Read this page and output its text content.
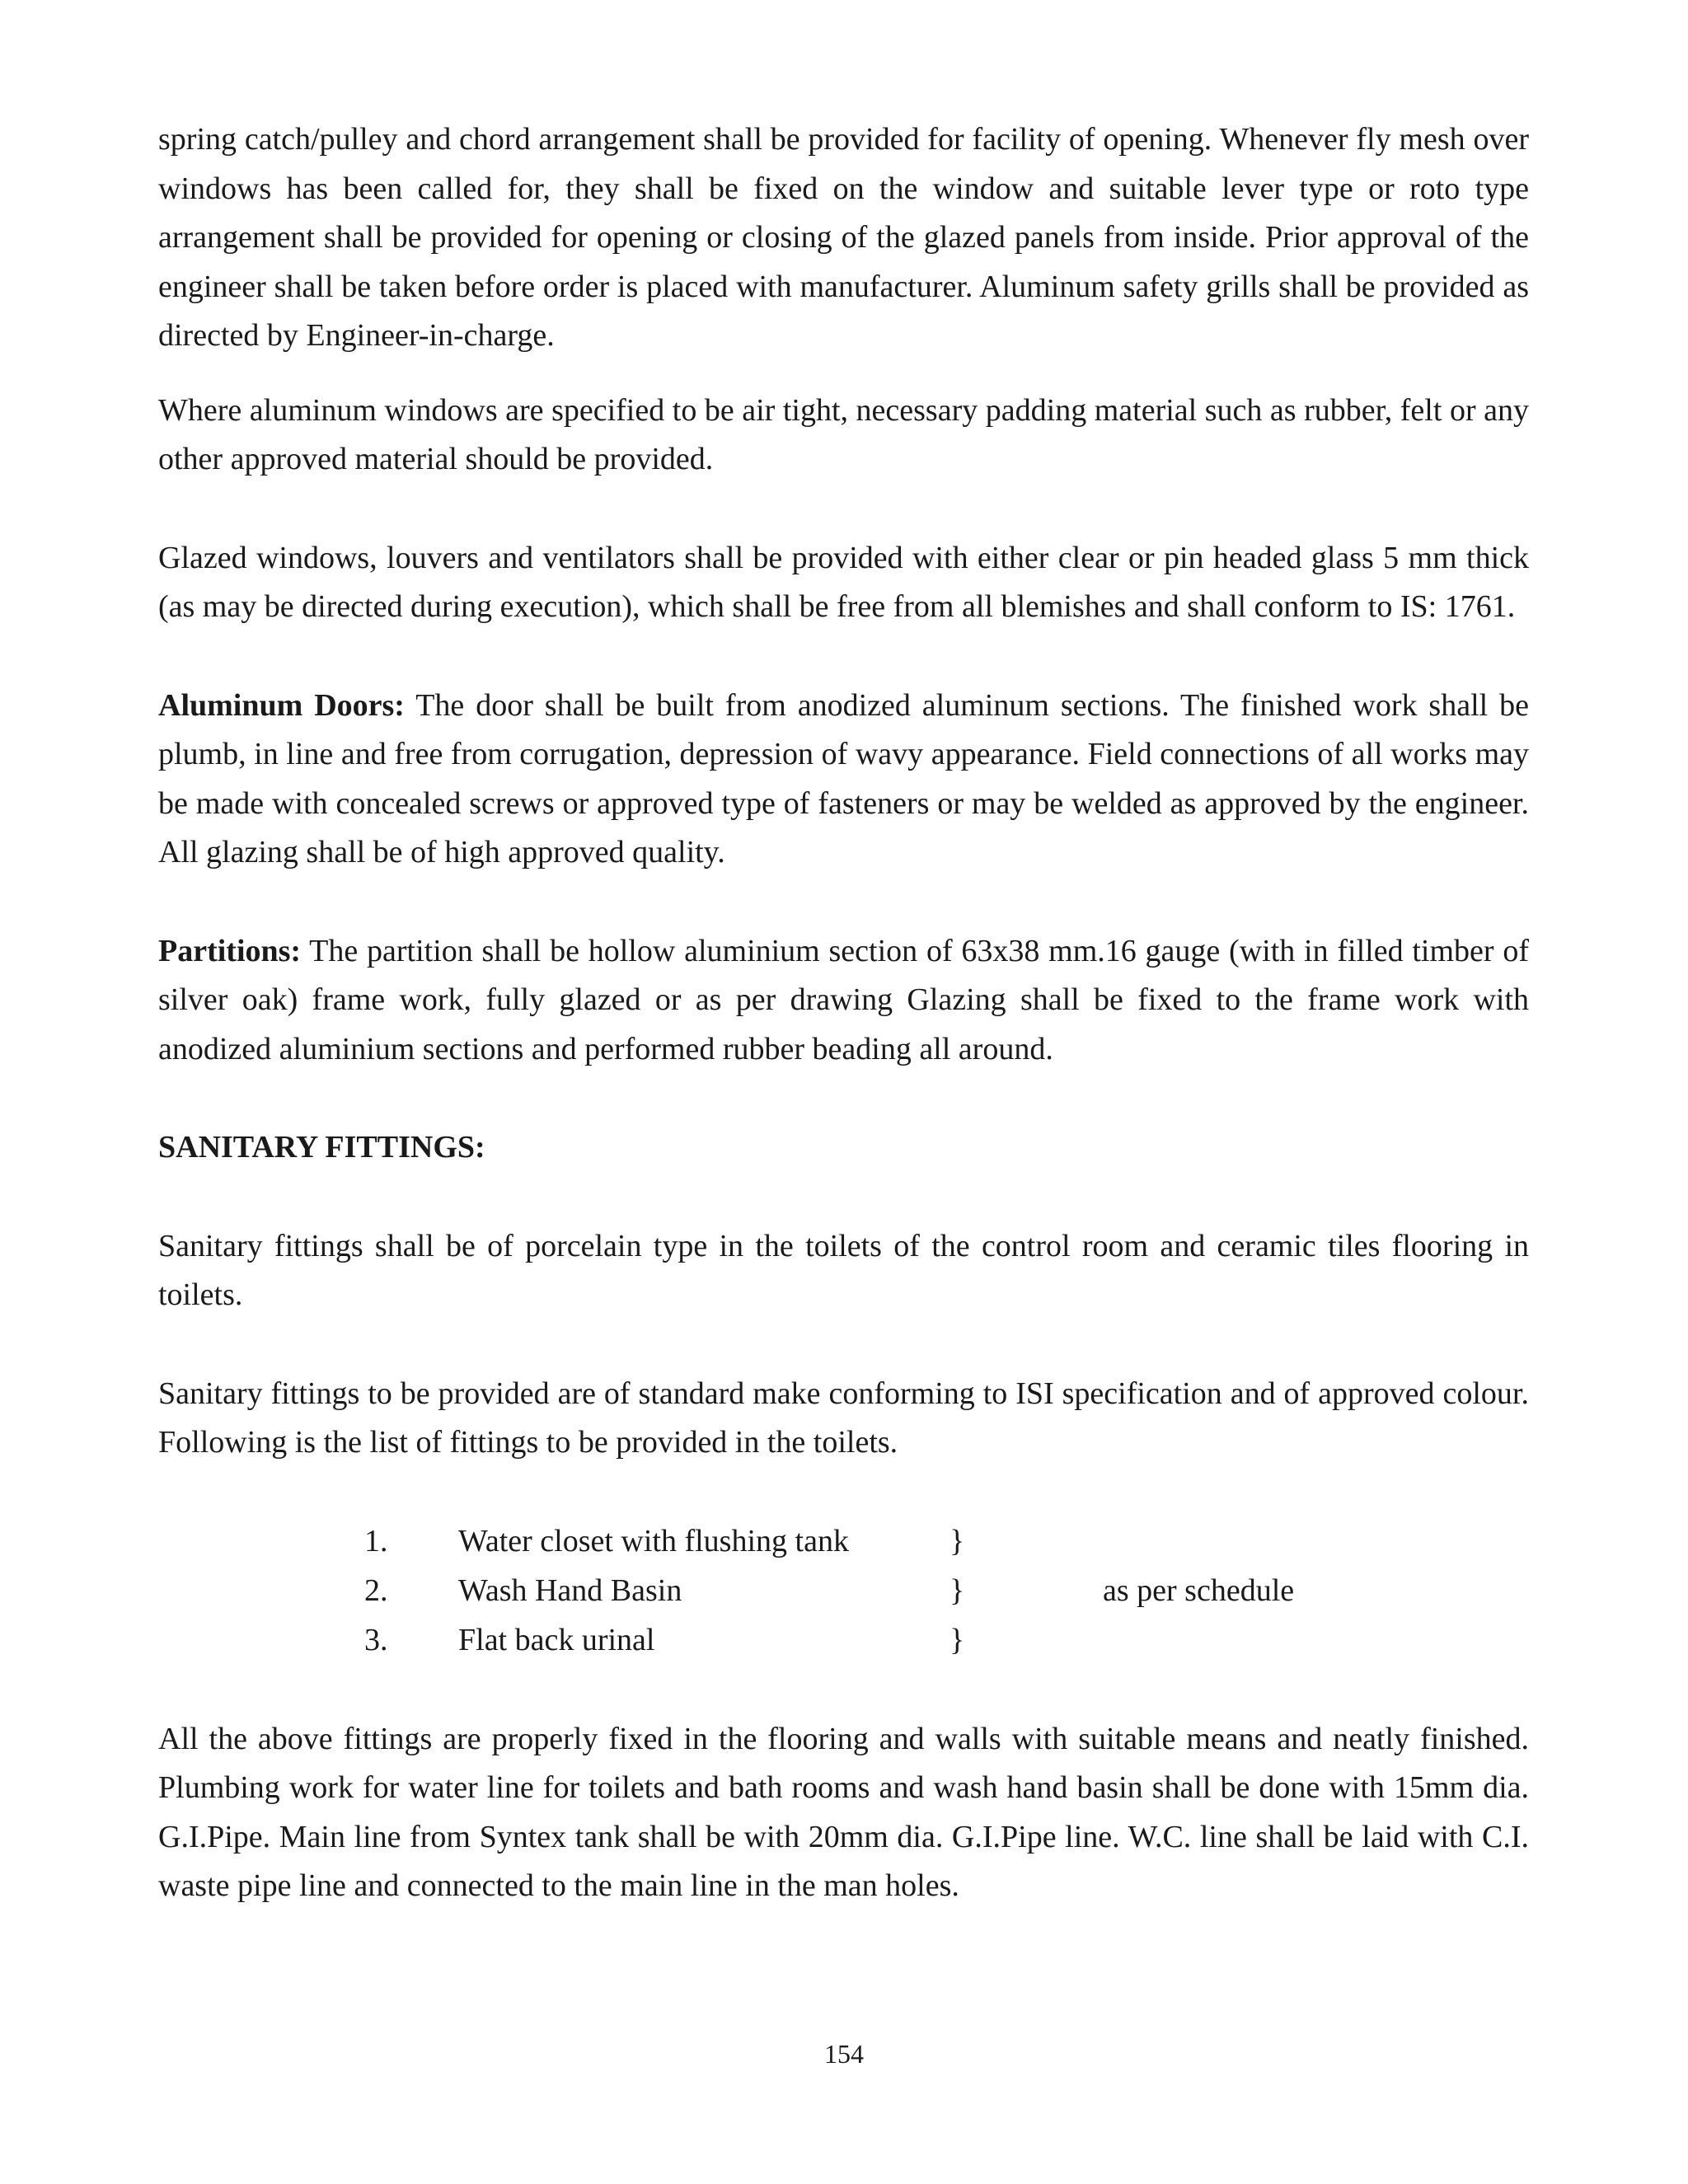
spring catch/pulley and chord arrangement shall be provided for facility of opening. Whenever fly mesh over windows has been called for, they shall be fixed on the window and suitable lever type or roto type arrangement shall be provided for opening or closing of the glazed panels from inside. Prior approval of the engineer shall be taken before order is placed with manufacturer. Aluminum safety grills shall be provided as directed by Engineer-in-charge.

Where aluminum windows are specified to be air tight, necessary padding material such as rubber, felt or any other approved material should be provided.

Glazed windows, louvers and ventilators shall be provided with either clear or pin headed glass 5 mm thick (as may be directed during execution), which shall be free from all blemishes and shall conform to IS: 1761.

Aluminum Doors: The door shall be built from anodized aluminum sections. The finished work shall be plumb, in line and free from corrugation, depression of wavy appearance. Field connections of all works may be made with concealed screws or approved type of fasteners or may be welded as approved by the engineer. All glazing shall be of high approved quality.

Partitions: The partition shall be hollow aluminium section of 63x38 mm.16 gauge (with in filled timber of silver oak) frame work, fully glazed or as per drawing Glazing shall be fixed to the frame work with anodized aluminium sections and performed rubber beading all around.

SANITARY FITTINGS:

Sanitary fittings shall be of porcelain type in the toilets of the control room and ceramic tiles flooring in toilets.

Sanitary fittings to be provided are of standard make conforming to ISI specification and of approved colour. Following is the list of fittings to be provided in the toilets.

1. Water closet with flushing tank	}
2. Wash Hand Basin	}	as per schedule
3. Flat back urinal	}

All the above fittings are properly fixed in the flooring and walls with suitable means and neatly finished. Plumbing work for water line for toilets and bath rooms and wash hand basin shall be done with 15mm dia. G.I.Pipe. Main line from Syntex tank shall be with 20mm dia. G.I.Pipe line. W.C. line shall be laid with C.I. waste pipe line and connected to the main line in the man holes.

154
